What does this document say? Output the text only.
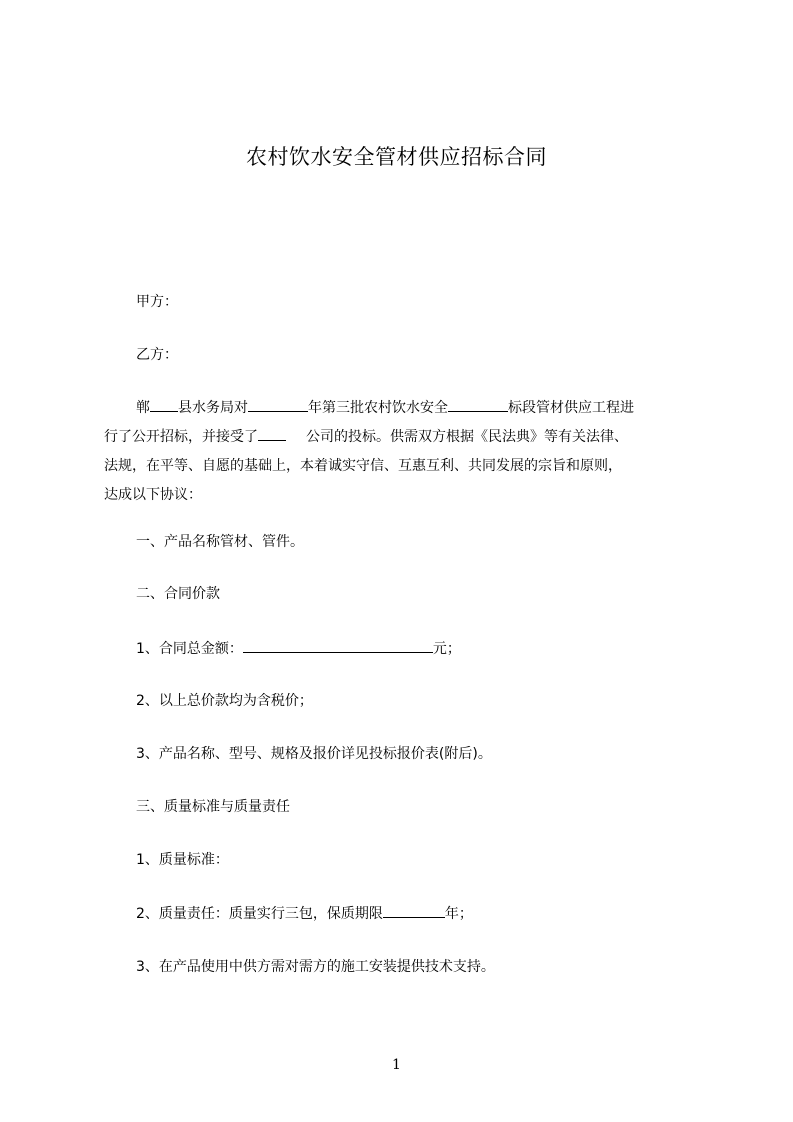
农村饮水安全管材供应招标合同
甲方：
乙方：
郸 县水务局对	年第三批农村饮水安全	标段管材供应工程进
行了公开招标，并接受了	公司的投标。供需双方根据《民法典》等有关法律、
法规，在平等、自愿的基础上，本着诚实守信、互惠互利、共同发展的宗旨和原则，
达成以下协议：
一、产品名称管材、管件。
二、合同价款
1、合同总金额：	元；
2、以上总价款均为含税价；
3、产品名称、型号、规格及报价详见投标报价表(附后)。
三、质量标准与质量责任
1、质量标准：
2、质量责任：质量实行三包，保质期限	年；
3、在产品使用中供方需对需方的施工安装提供技术支持。
1
